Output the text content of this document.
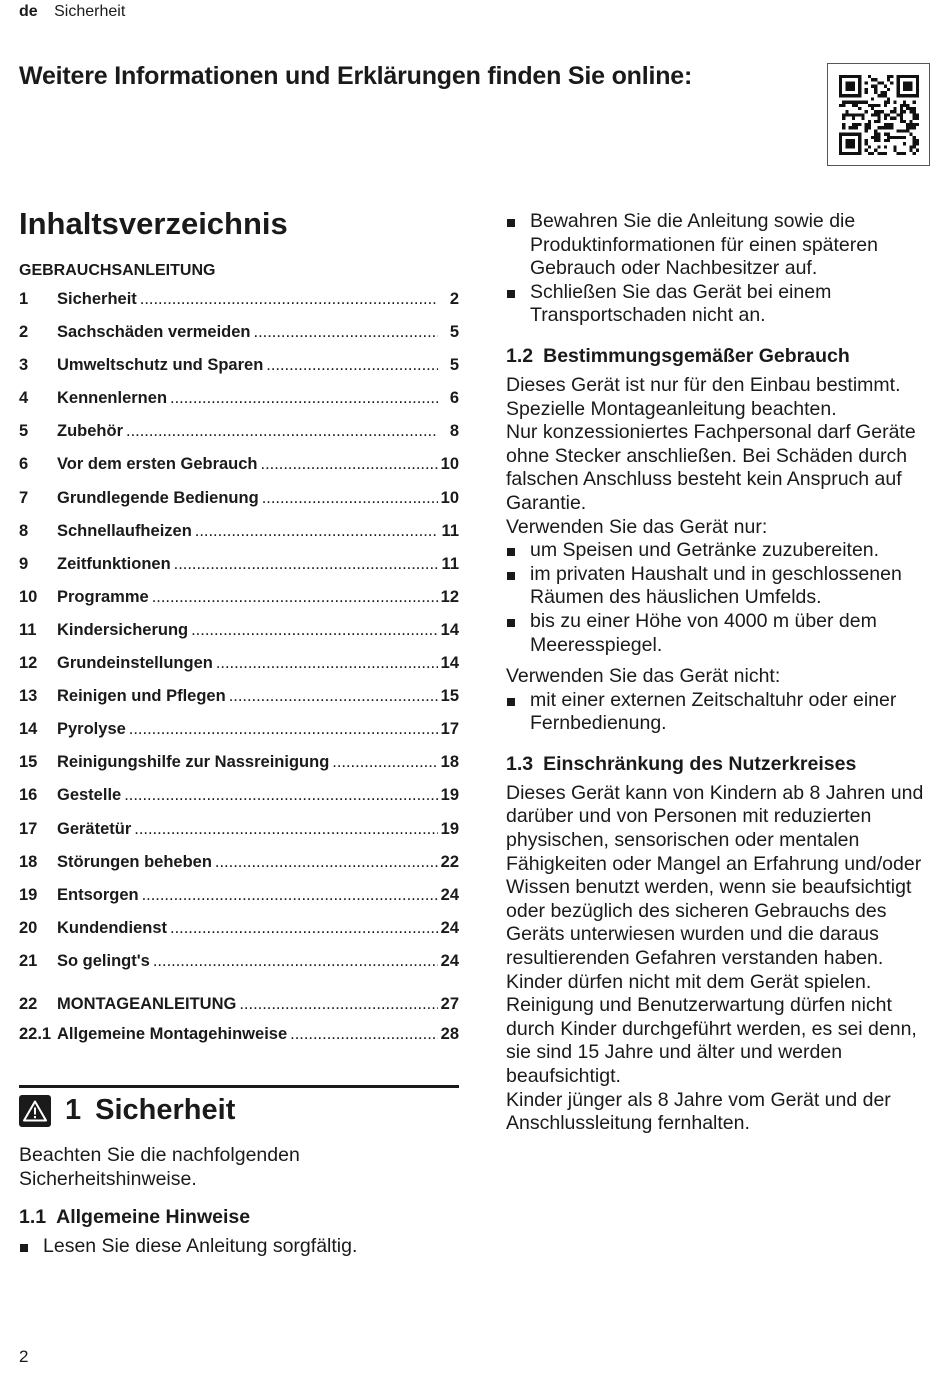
de Sicherheit
Weitere Informationen und Erklärungen finden Sie online:
Inhaltsverzeichnis
GEBRAUCHSANLEITUNG
1	Sicherheit . . .	2
2	Sachschäden vermeiden . . .	5
3	Umweltschutz und Sparen . . .	5
4	Kennenlernen . . .	6
5	Zubehör . . .	8
6	Vor dem ersten Gebrauch . . .	10
7	Grundlegende Bedienung . . .	10
8	Schnellaufheizen . . .	11
9	Zeitfunktionen . . .	11
10	Programme . . .	12
11	Kindersicherung . . .	14
12	Grundeinstellungen . . .	14
13	Reinigen und Pflegen . . .	15
14	Pyrolyse . . .	17
15	Reinigungshilfe zur Nassreinigung . . .	18
16	Gestelle . . .	19
17	Gerätetür . . .	19
18	Störungen beheben . . .	22
19	Entsorgen . . .	24
20	Kundendienst . . .	24
21	So gelingt's . . .	24
22	MONTAGEANLEITUNG . . .	27
22.1 Allgemeine Montagehinweise . . .	28
1 Sicherheit

Beachten Sie die nachfolgenden Sicherheitshinweise.

1.1 Allgemeine Hinweise
Lesen Sie diese Anleitung sorgfältig.
Bewahren Sie die Anleitung sowie die Produktinformationen für einen späteren Gebrauch oder Nachbesitzer auf.
Schließen Sie das Gerät bei einem Transportschaden nicht an.
1.2 Bestimmungsgemäßer Gebrauch

Dieses Gerät ist nur für den Einbau bestimmt. Spezielle Montageanleitung beachten.

Nur konzessioniertes Fachpersonal darf Geräte ohne Stecker anschließen. Bei Schäden durch falschen Anschluss besteht kein Anspruch auf Garantie.

Verwenden Sie das Gerät nur:

um Speisen und Getränke zuzubereiten.
im privaten Haushalt und in geschlossenen Räumen des häuslichen Umfelds.
bis zu einer Höhe von 4000 m über dem Meeresspiegel.

Verwenden Sie das Gerät nicht:

mit einer externen Zeitschaltuhr oder einer Fernbedienung.
1.3 Einschränkung des Nutzerkreises

Dieses Gerät kann von Kindern ab 8 Jahren und darüber und von Personen mit reduzierten physischen, sensorischen oder mentalen Fähigkeiten oder Mangel an Erfahrung und/oder Wissen benutzt werden, wenn sie beaufsichtigt oder bezüglich des sicheren Gebrauchs des Geräts unterwiesen wurden und die daraus resultierenden Gefahren verstanden haben.

Kinder dürfen nicht mit dem Gerät spielen.

Reinigung und Benutzerwartung dürfen nicht durch Kinder durchgeführt werden, es sei denn, sie sind 15 Jahre und älter und werden beaufsichtigt.

Kinder jünger als 8 Jahre vom Gerät und der Anschlussleitung fernhalten.

2
